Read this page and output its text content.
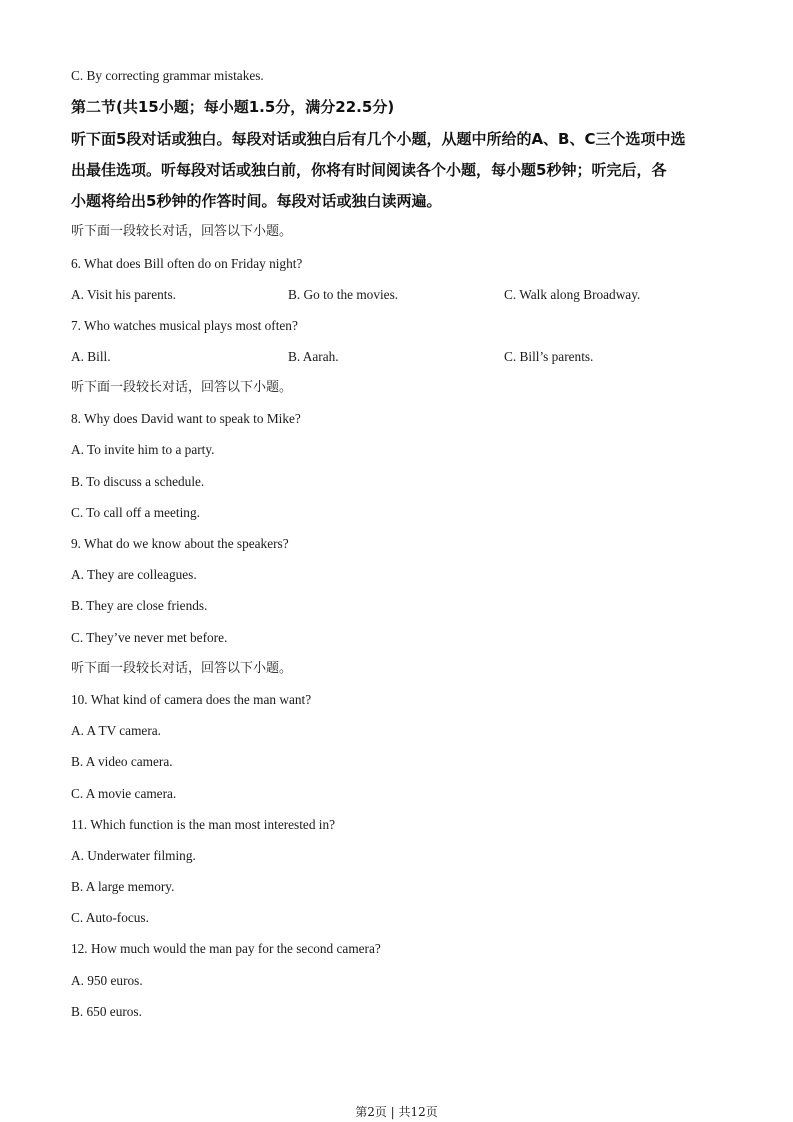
C. By correcting grammar mistakes.
第二节(共15小题；每小题1.5分，满分22.5分)
听下面5段对话或独白。每段对话或独白后有几个小题，从题中所给的A、B、C三个选项中选
出最佳选项。听每段对话或独白前，你将有时间阅读各个小题，每小题5秒钟；听完后，各
小题将给出5秒钟的作答时间。每段对话或独白读两遍。
听下面一段较长对话，回答以下小题。
6. What does Bill often do on Friday night?
A. Visit his parents.	B. Go to the movies.	C. Walk along Broadway.
7. Who watches musical plays most often?
A. Bill.	B. Aarah.	C. Bill’s parents.
听下面一段较长对话，回答以下小题。
8. Why does David want to speak to Mike?
A. To invite him to a party.
B. To discuss a schedule.
C. To call off a meeting.
9. What do we know about the speakers?
A. They are colleagues.
B. They are close friends.
C. They’ve never met before.
听下面一段较长对话，回答以下小题。
10. What kind of camera does the man want?
A. A TV camera.
B. A video camera.
C. A movie camera.
11. Which function is the man most interested in?
A. Underwater filming.
B. A large memory.
C. Auto-focus.
12. How much would the man pay for the second camera?
A. 950 euros.
B. 650 euros.
第2页 | 共12页
